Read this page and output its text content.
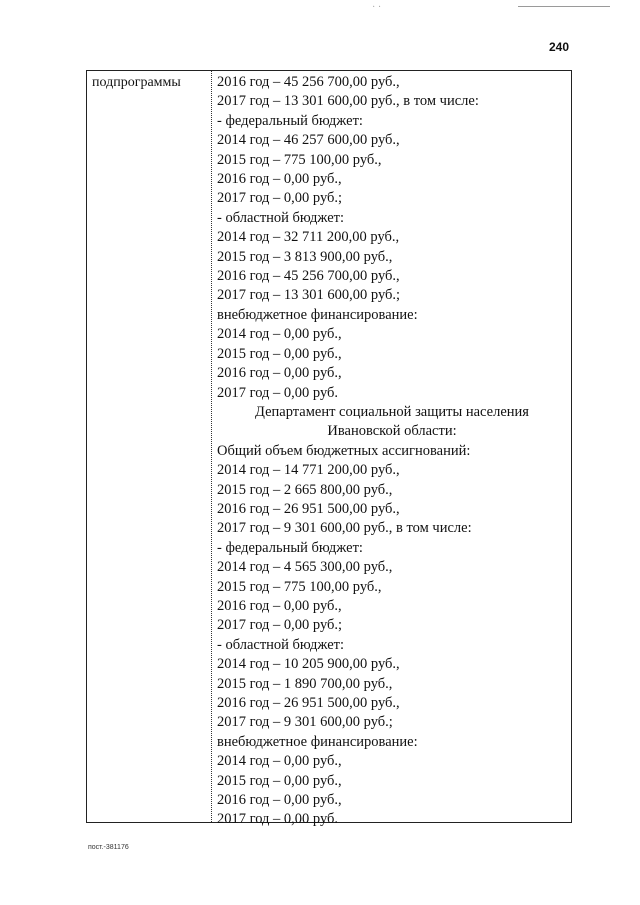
· ·
240
подпрограммы 2016 год – 45 256 700,00 руб.,
2017 год – 13 301 600,00 руб., в том числе:
- федеральный бюджет:
2014 год – 46 257 600,00 руб.,
2015 год – 775 100,00 руб.,
2016 год – 0,00 руб.,
2017 год – 0,00 руб.;
- областной бюджет:
2014 год – 32 711 200,00 руб.,
2015 год – 3 813 900,00 руб.,
2016 год – 45 256 700,00 руб.,
2017 год – 13 301 600,00 руб.;
внебюджетное финансирование:
2014 год – 0,00 руб.,
2015 год – 0,00 руб.,
2016 год – 0,00 руб.,
2017 год – 0,00 руб.
Департамент социальной защиты населения
Ивановской области:
Общий объем бюджетных ассигнований:
2014 год – 14 771 200,00 руб.,
2015 год – 2 665 800,00 руб.,
2016 год – 26 951 500,00 руб.,
2017 год – 9 301 600,00 руб., в том числе:
- федеральный бюджет:
2014 год – 4 565 300,00 руб.,
2015 год – 775 100,00 руб.,
2016 год – 0,00 руб.,
2017 год – 0,00 руб.;
- областной бюджет:
2014 год – 10 205 900,00 руб.,
2015 год – 1 890 700,00 руб.,
2016 год – 26 951 500,00 руб.,
2017 год – 9 301 600,00 руб.;
внебюджетное финансирование:
2014 год – 0,00 руб.,
2015 год – 0,00 руб.,
2016 год – 0,00 руб.,
2017 год – 0,00 руб.
пост.-381176
